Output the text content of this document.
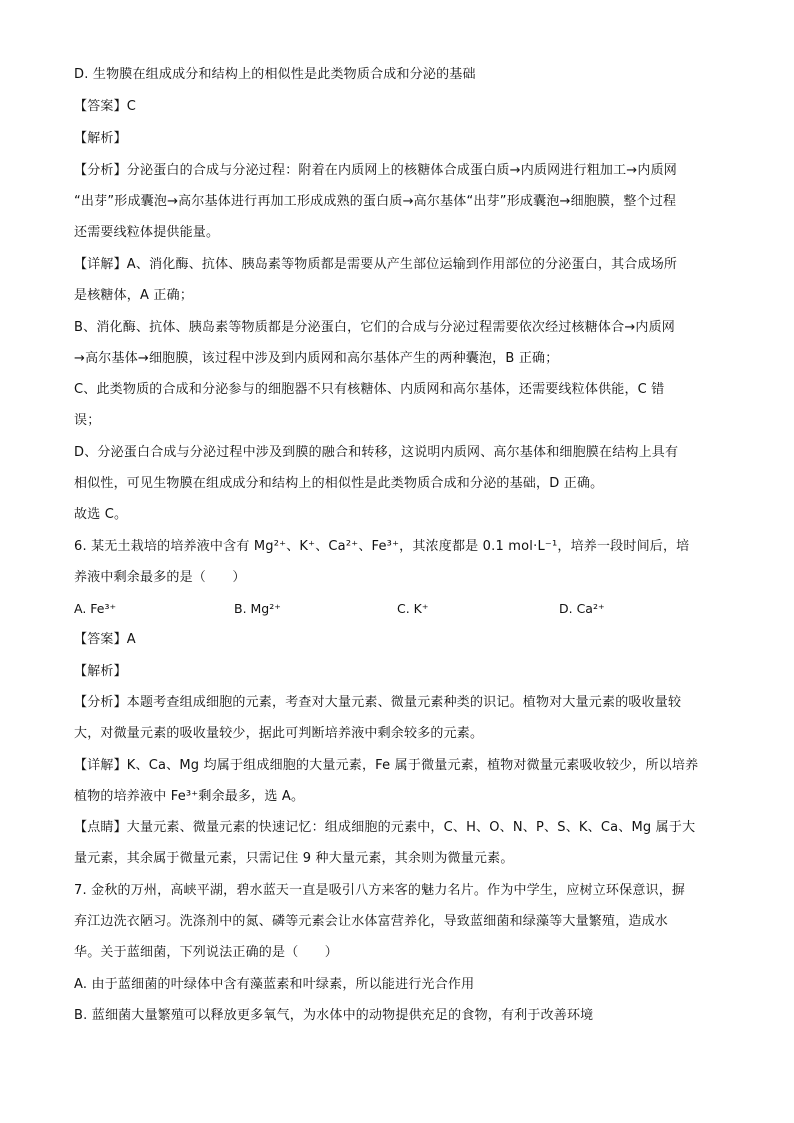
D. 生物膜在组成成分和结构上的相似性是此类物质合成和分泌的基础
【答案】C
【解析】
【分析】分泌蛋白的合成与分泌过程：附着在内质网上的核糖体合成蛋白质→内质网进行粗加工→内质网
“出芽”形成囊泡→高尔基体进行再加工形成成熟的蛋白质→高尔基体“出芽”形成囊泡→细胞膜，整个过程
还需要线粒体提供能量。
【详解】A、消化酶、抗体、胰岛素等物质都是需要从产生部位运输到作用部位的分泌蛋白，其合成场所
是核糖体，A 正确；
B、消化酶、抗体、胰岛素等物质都是分泌蛋白，它们的合成与分泌过程需要依次经过核糖体合→内质网
→高尔基体→细胞膜，该过程中涉及到内质网和高尔基体产生的两种囊泡，B 正确；
C、此类物质的合成和分泌参与的细胞器不只有核糖体、内质网和高尔基体，还需要线粒体供能，C 错
误；
D、分泌蛋白合成与分泌过程中涉及到膜的融合和转移，这说明内质网、高尔基体和细胞膜在结构上具有
相似性，可见生物膜在组成成分和结构上的相似性是此类物质合成和分泌的基础，D 正确。
故选 C。
6. 某无土栽培的培养液中含有 Mg²⁺、K⁺、Ca²⁺、Fe³⁺，其浓度都是 0.1 mol·L⁻¹，培养一段时间后，培
养液中剩余最多的是（　　）
A. Fe³⁺	B. Mg²⁺	C. K⁺	D. Ca²⁺
【答案】A
【解析】
【分析】本题考查组成细胞的元素，考查对大量元素、微量元素种类的识记。植物对大量元素的吸收量较
大，对微量元素的吸收量较少，据此可判断培养液中剩余较多的元素。
【详解】K、Ca、Mg 均属于组成细胞的大量元素，Fe 属于微量元素，植物对微量元素吸收较少，所以培养
植物的培养液中 Fe³⁺剩余最多，选 A。
【点睛】大量元素、微量元素的快速记忆：组成细胞的元素中，C、H、O、N、P、S、K、Ca、Mg 属于大
量元素，其余属于微量元素，只需记住 9 种大量元素，其余则为微量元素。
7. 金秋的万州，高峡平湖，碧水蓝天一直是吸引八方来客的魅力名片。作为中学生，应树立环保意识，摒
弃江边洗衣陋习。洗涤剂中的氮、磷等元素会让水体富营养化，导致蓝细菌和绿藻等大量繁殖，造成水
华。关于蓝细菌，下列说法正确的是（　　）
A. 由于蓝细菌的叶绿体中含有藻蓝素和叶绿素，所以能进行光合作用
B. 蓝细菌大量繁殖可以释放更多氧气，为水体中的动物提供充足的食物，有利于改善环境
